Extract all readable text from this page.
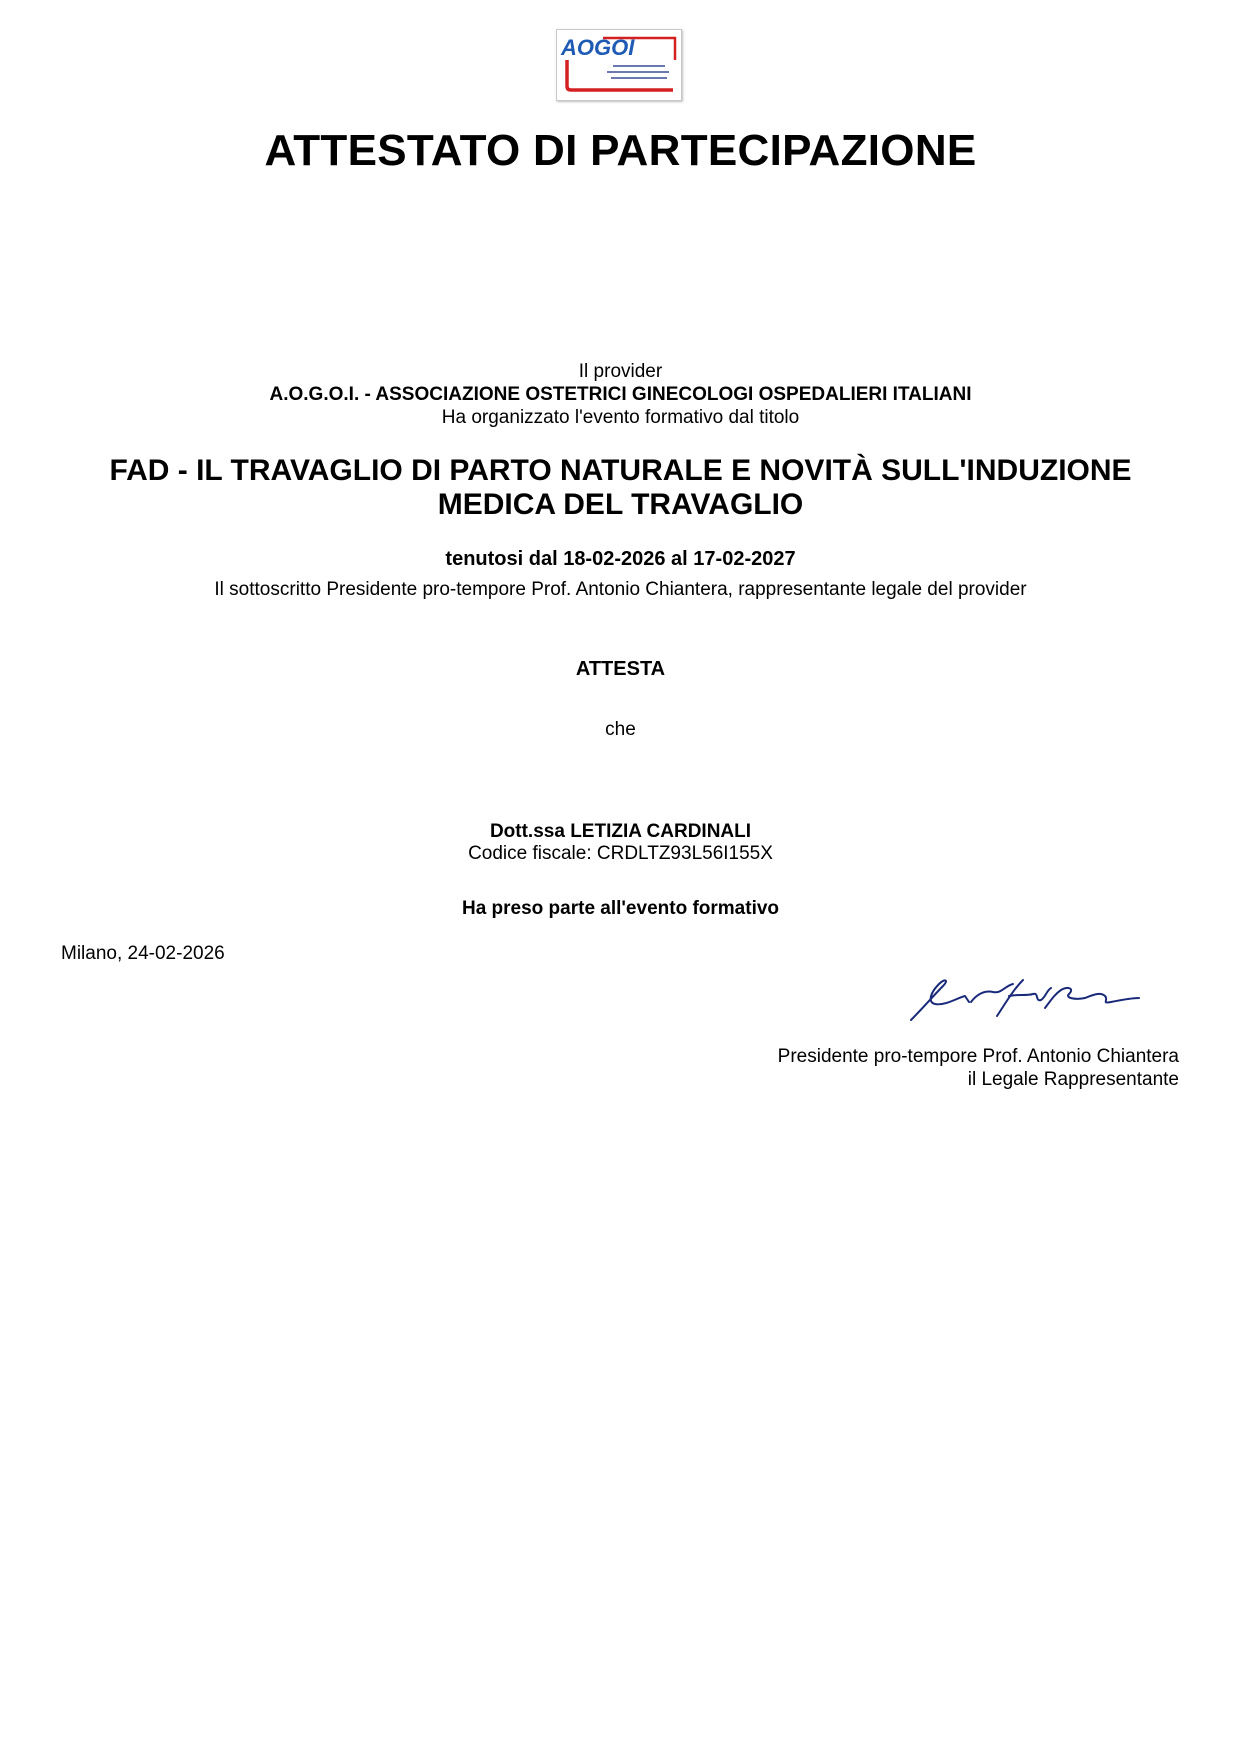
AOGOI
ATTESTATO DI PARTECIPAZIONE
Il provider
A.O.G.O.I. - ASSOCIAZIONE OSTETRICI GINECOLOGI OSPEDALIERI ITALIANI
Ha organizzato l'evento formativo dal titolo
FAD - IL TRAVAGLIO DI PARTO NATURALE E NOVITÀ SULL'INDUZIONE
MEDICA DEL TRAVAGLIO
tenutosi dal 18-02-2026 al 17-02-2027
Il sottoscritto Presidente pro-tempore Prof. Antonio Chiantera, rappresentante legale del provider
ATTESTA
che
Dott.ssa LETIZIA CARDINALI
Codice fiscale: CRDLTZ93L56I155X
Ha preso parte all'evento formativo
Milano, 24-02-2026
Presidente pro-tempore Prof. Antonio Chiantera
il Legale Rappresentante
